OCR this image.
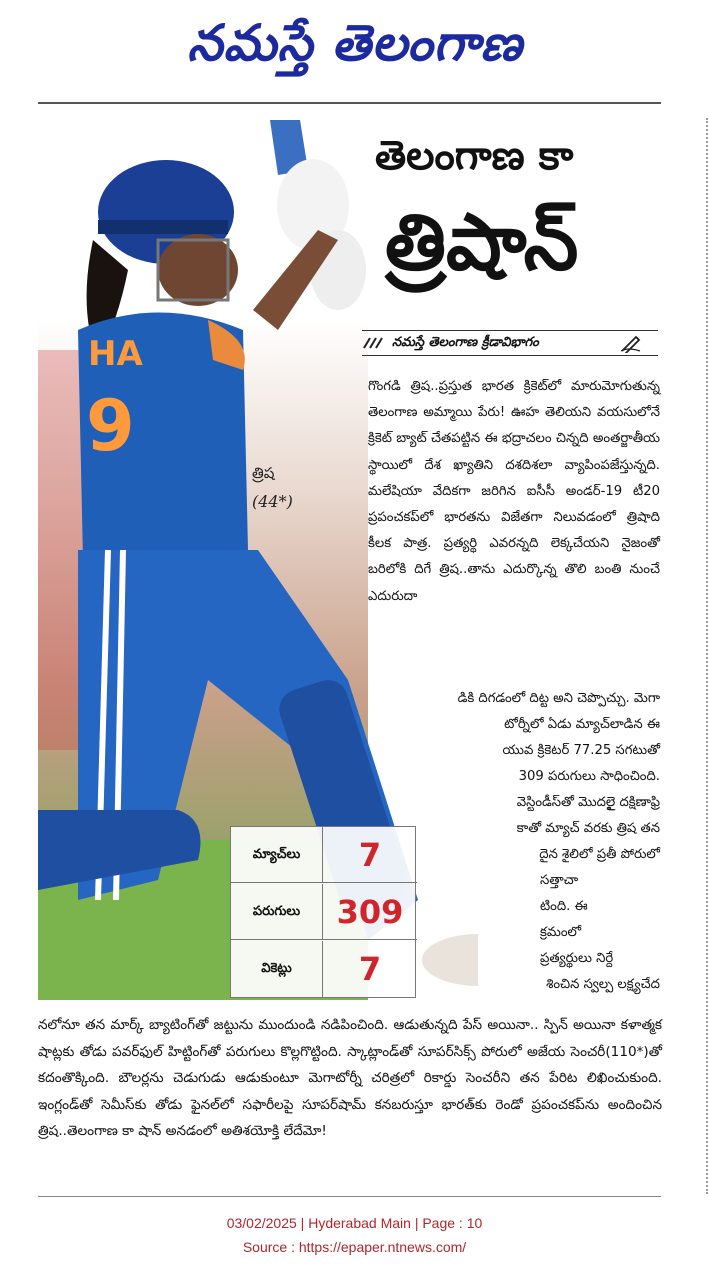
నమస్తే తెలంగాణ
HA
9
త్రిష
(44*)
తెలంగాణ కా
త్రిషాన్
నమస్తే తెలంగాణ క్రీడావిభాగం
గొంగడి త్రిష..ప్రస్తుత భారత క్రికెట్‌లో మారుమోగుతున్న తెలంగాణ అమ్మాయి పేరు! ఊహ తెలియని వయసులోనే క్రికెట్ బ్యాట్ చేతపట్టిన ఈ భద్రాచలం చిన్నది అంతర్జాతీయ స్థాయిలో దేశ ఖ్యాతిని దశదిశలా వ్యాపింపజేస్తున్నది. మలేషియా వేదికగా జరిగిన ఐసీసీ అండర్-19 టీ20 ప్రపంచకప్‌లో భారతను విజేతగా నిలువడంలో త్రిషాది కీలక పాత్ర. ప్రత్యర్థి ఎవరన్నది లెక్కచేయని నైజంతో బరిలోకి దిగే త్రిష..తాను ఎదుర్కొన్న తొలి బంతి నుంచే ఎదురుదా
డికి దిగడంలో దిట్ట అని చెప్పొచ్చు. మెగా
టోర్నీలో ఏడు మ్యాచ్‌లాడిన ఈ
యువ క్రికెటర్ 77.25 సగటుతో
309 పరుగులు సాధించింది.
వెస్టిండీస్‌తో మొదలైౖ దక్షిణాఫ్రి
కాతో మ్యాచ్ వరకు త్రిష తన
దైన శైలిలో ప్రతీ పోరులో
సత్తాచా
టింది. ఈ
క్రమంలో
ప్రత్యర్థులు నిర్దే
శించిన స్వల్ప లక్ష్యచేద
మ్యాచ్‌లు	7
పరుగులు	309
వికెట్లు	7
నలోనూ తన మార్క్ బ్యాటింగ్‌తో జట్టును ముందుండి నడిపించింది. ఆడుతున్నది పేస్ అయినా.. స్పిన్ అయినా కళాత్మక షాట్లకు తోడు పవర్‌ఫుల్ హిట్టింగ్‌తో పరుగులు కొల్లగొట్టింది. స్కాట్లాండ్‌తో సూపర్‌సిక్స్ పోరులో అజేయ సెంచరీ(110*)తో కదంతొక్కింది. బౌలర్లను చెడుగుడు ఆడుకుంటూ మెగాటోర్నీ చరిత్రలో రికార్డు సెంచరీని తన పేరిట లిఖించుకుంది. ఇంగ్లండ్‌తో సెమీస్‌కు తోడు ఫైనల్‌లో సఫారీలపై సూపర్‌షామ్ కనబరుస్తూ భారత్‌కు రెండో ప్రపంచకప్‌ను అందించిన త్రిష..తెలంగాణ కా షాన్ అనడంలో అతిశయోక్తి లేదేమో!
03/02/2025 | Hyderabad Main | Page : 10
Source : https://epaper.ntnews.com/
